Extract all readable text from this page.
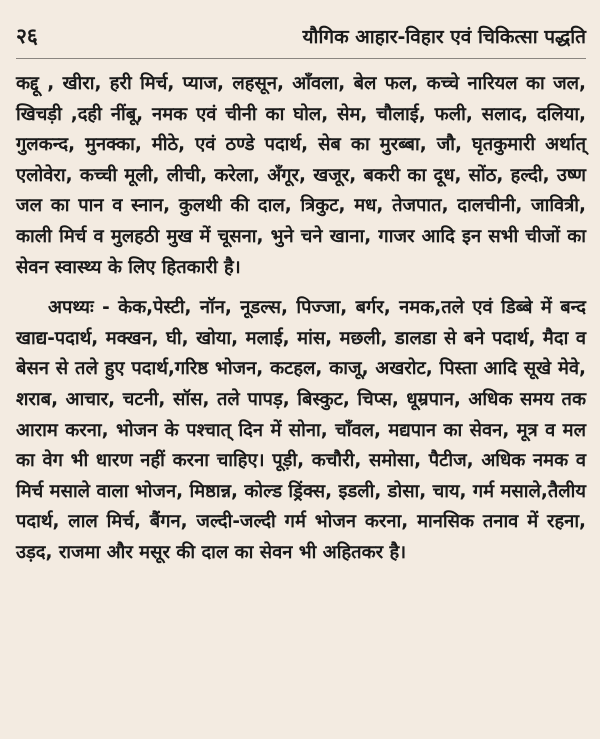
२६	यौगिक आहार-विहार एवं चिकित्सा पद्धति

कद्दू , खीरा, हरी मिर्च, प्याज, लहसून, आँवला, बेल फल, कच्चे नारियल का जल, खिचड़ी ,दही नींबू, नमक एवं चीनी का घोल, सेम, चौलाई, फली, सलाद, दलिया, गुलकन्द, मुनक्का, मीठे, एवं ठण्डे पदार्थ, सेब का मुरब्बा, जौ, घृतकुमारी अर्थात् एलोवेरा, कच्ची मूली, लीची, करेला, अँगूर, खजूर, बकरी का दूध, सोंठ, हल्दी, उष्ण जल का पान व स्नान, कुलथी की दाल, त्रिकुट, मध, तेजपात, दालचीनी, जावित्री, काली मिर्च व मुलहठी मुख में चूसना, भुने चने खाना, गाजर आदि इन सभी चीजों का सेवन स्वास्थ्य के लिए हितकारी है।

अपथ्यः - केक,पेस्टी, नॉन, नूडल्स, पिज्जा, बर्गर, नमक,तले एवं डिब्बे में बन्द खाद्य-पदार्थ, मक्खन, घी, खोया, मलाई, मांस, मछली, डालडा से बने पदार्थ, मैदा व बेसन से तले हुए पदार्थ,गरिष्ठ भोजन, कटहल, काजू, अखरोट, पिस्ता आदि सूखे मेवे, शराब, आचार, चटनी, सॉस, तले पापड़, बिस्कुट, चिप्स, धूम्रपान, अधिक समय तक आराम करना, भोजन के पश्चात् दिन में सोना, चाँवल, मद्यपान का सेवन, मूत्र व मल का वेग भी धारण नहीं करना चाहिए। पूड़ी, कचौरी, समोसा, पैटीज, अधिक नमक व मिर्च मसाले वाला भोजन, मिष्ठान्न, कोल्ड ड्रिंक्स, इडली, डोसा, चाय, गर्म मसाले,तैलीय पदार्थ, लाल मिर्च, बैंगन, जल्दी-जल्दी गर्म भोजन करना, मानसिक तनाव में रहना, उड़द, राजमा और मसूर की दाल का सेवन भी अहितकर है।
